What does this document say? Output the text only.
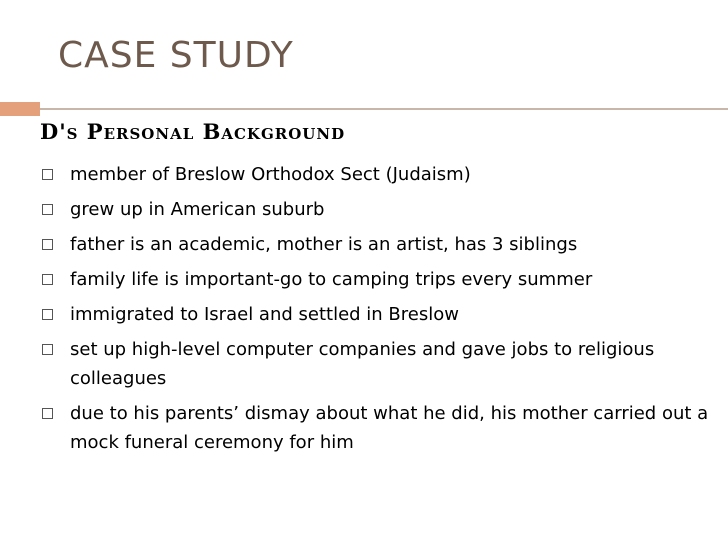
CASE STUDY
D's Personal Background
member of Breslow Orthodox Sect (Judaism)
grew up in American suburb
father is an academic, mother is an artist, has 3 siblings
family life is important-go to camping trips every summer
immigrated to Israel and settled in Breslow
set up high-level computer companies and gave jobs to religious colleagues
due to his parents’ dismay about what he did, his mother carried out a mock funeral ceremony for him
